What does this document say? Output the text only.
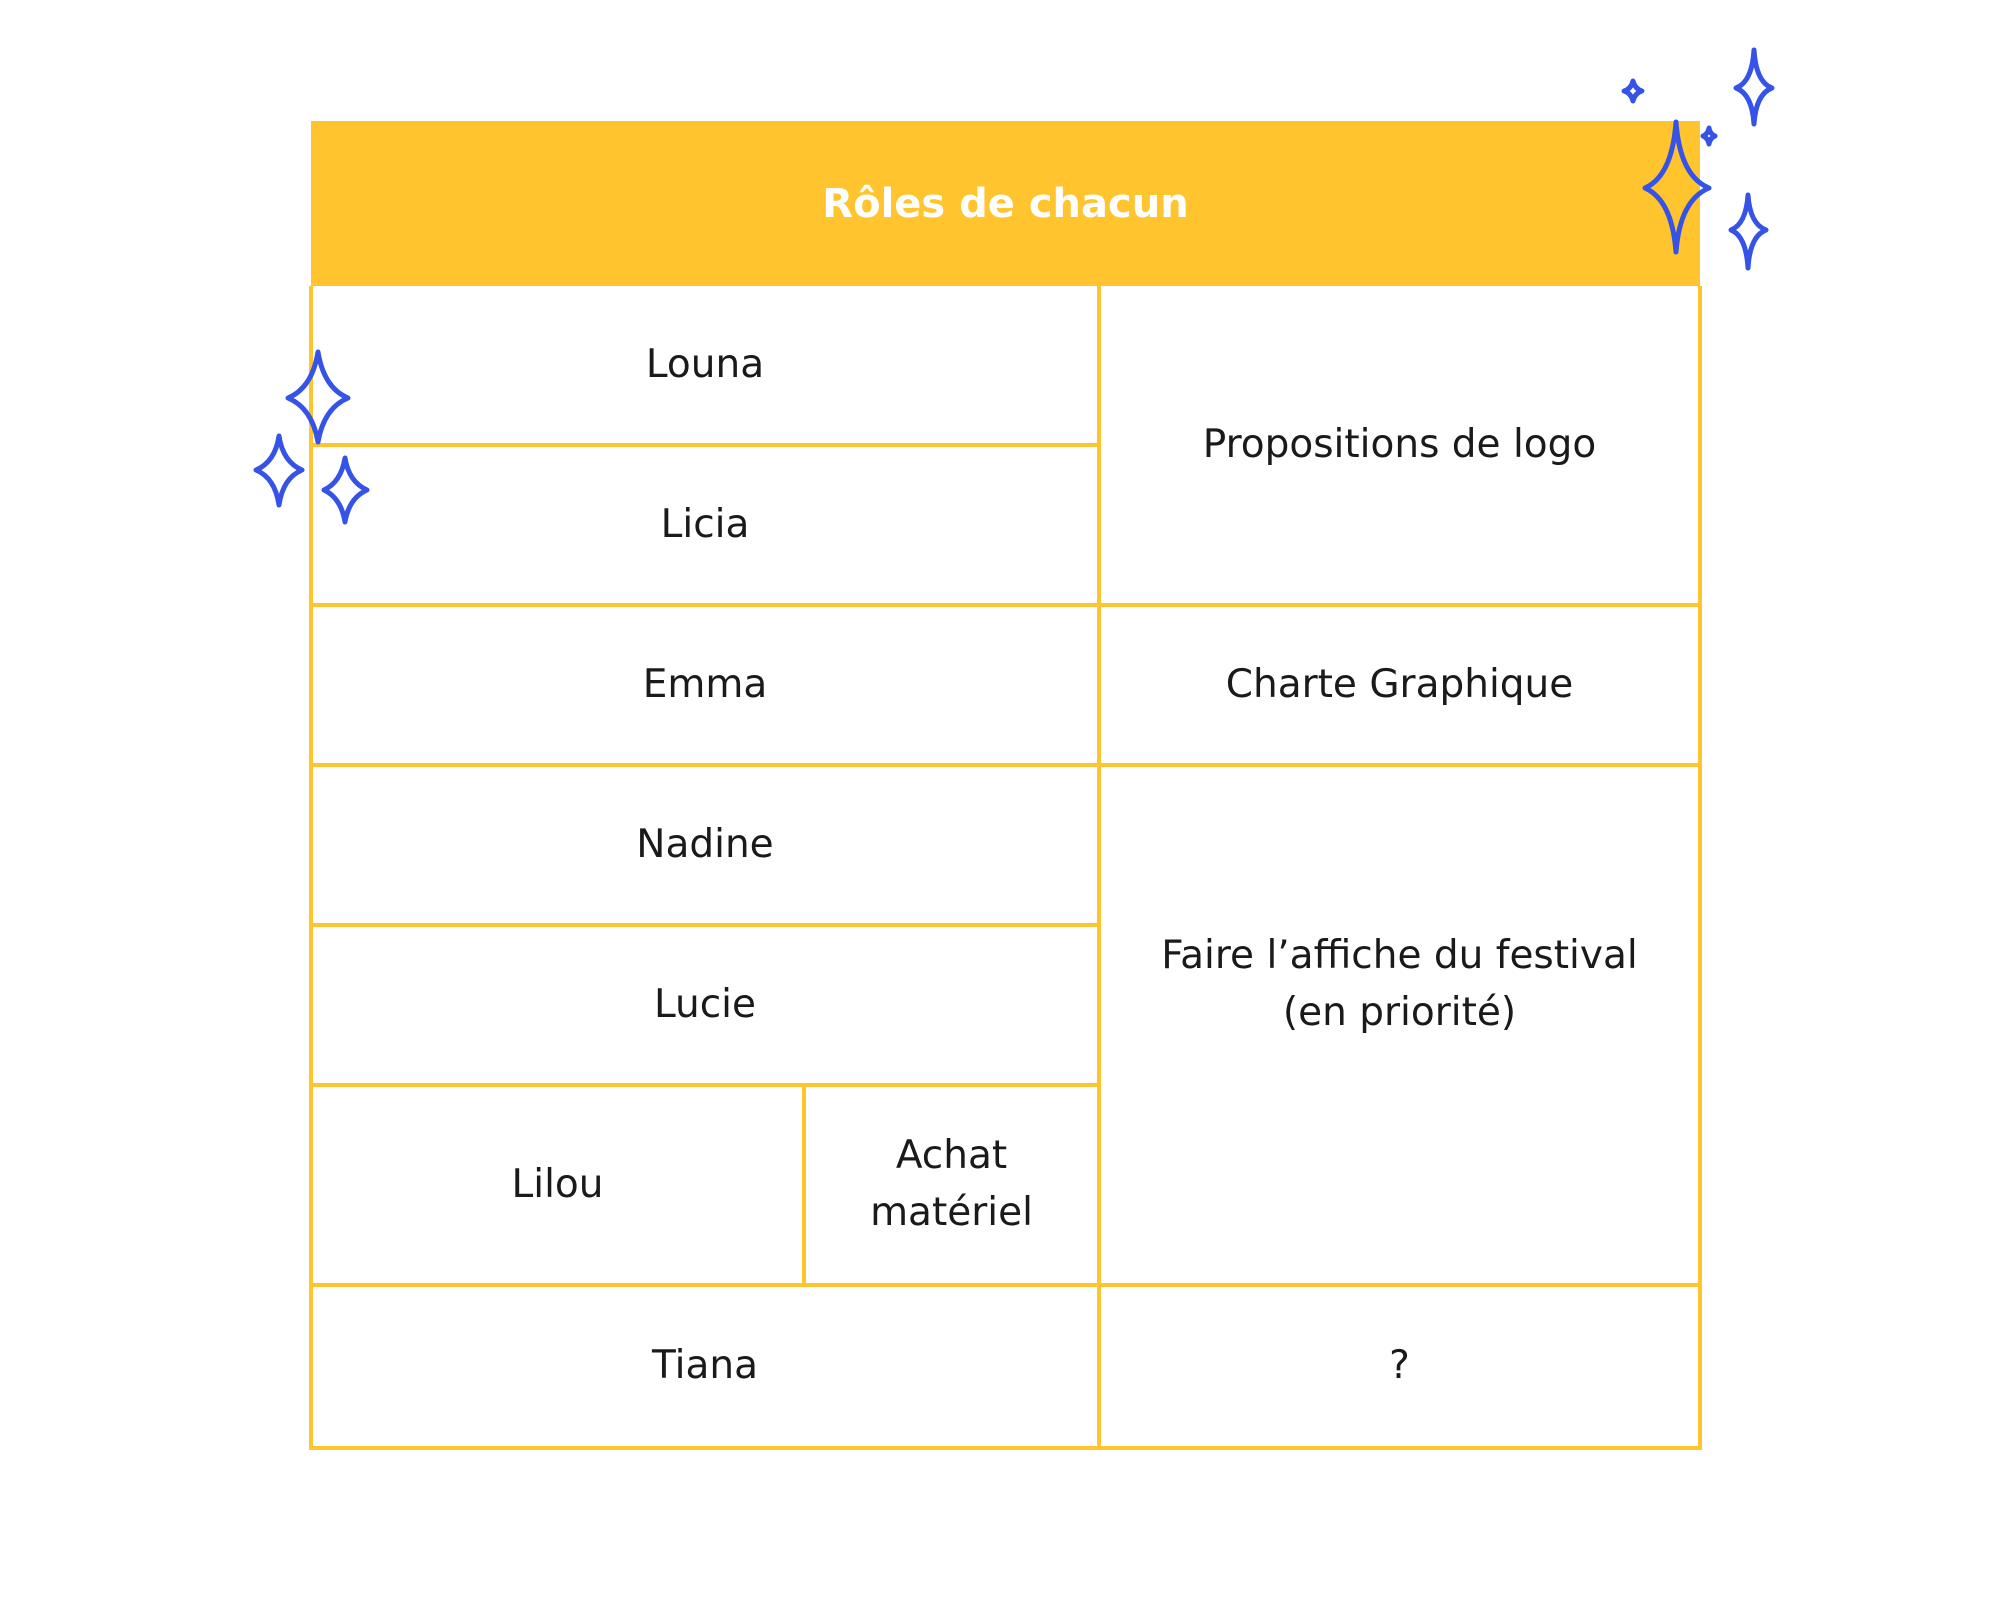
Rôles de chacun
Louna
Licia
Emma
Nadine
Lucie
Lilou
Achat matériel
Tiana
Propositions de logo
Charte Graphique
Faire l’affiche du festival
(en priorité)
?
